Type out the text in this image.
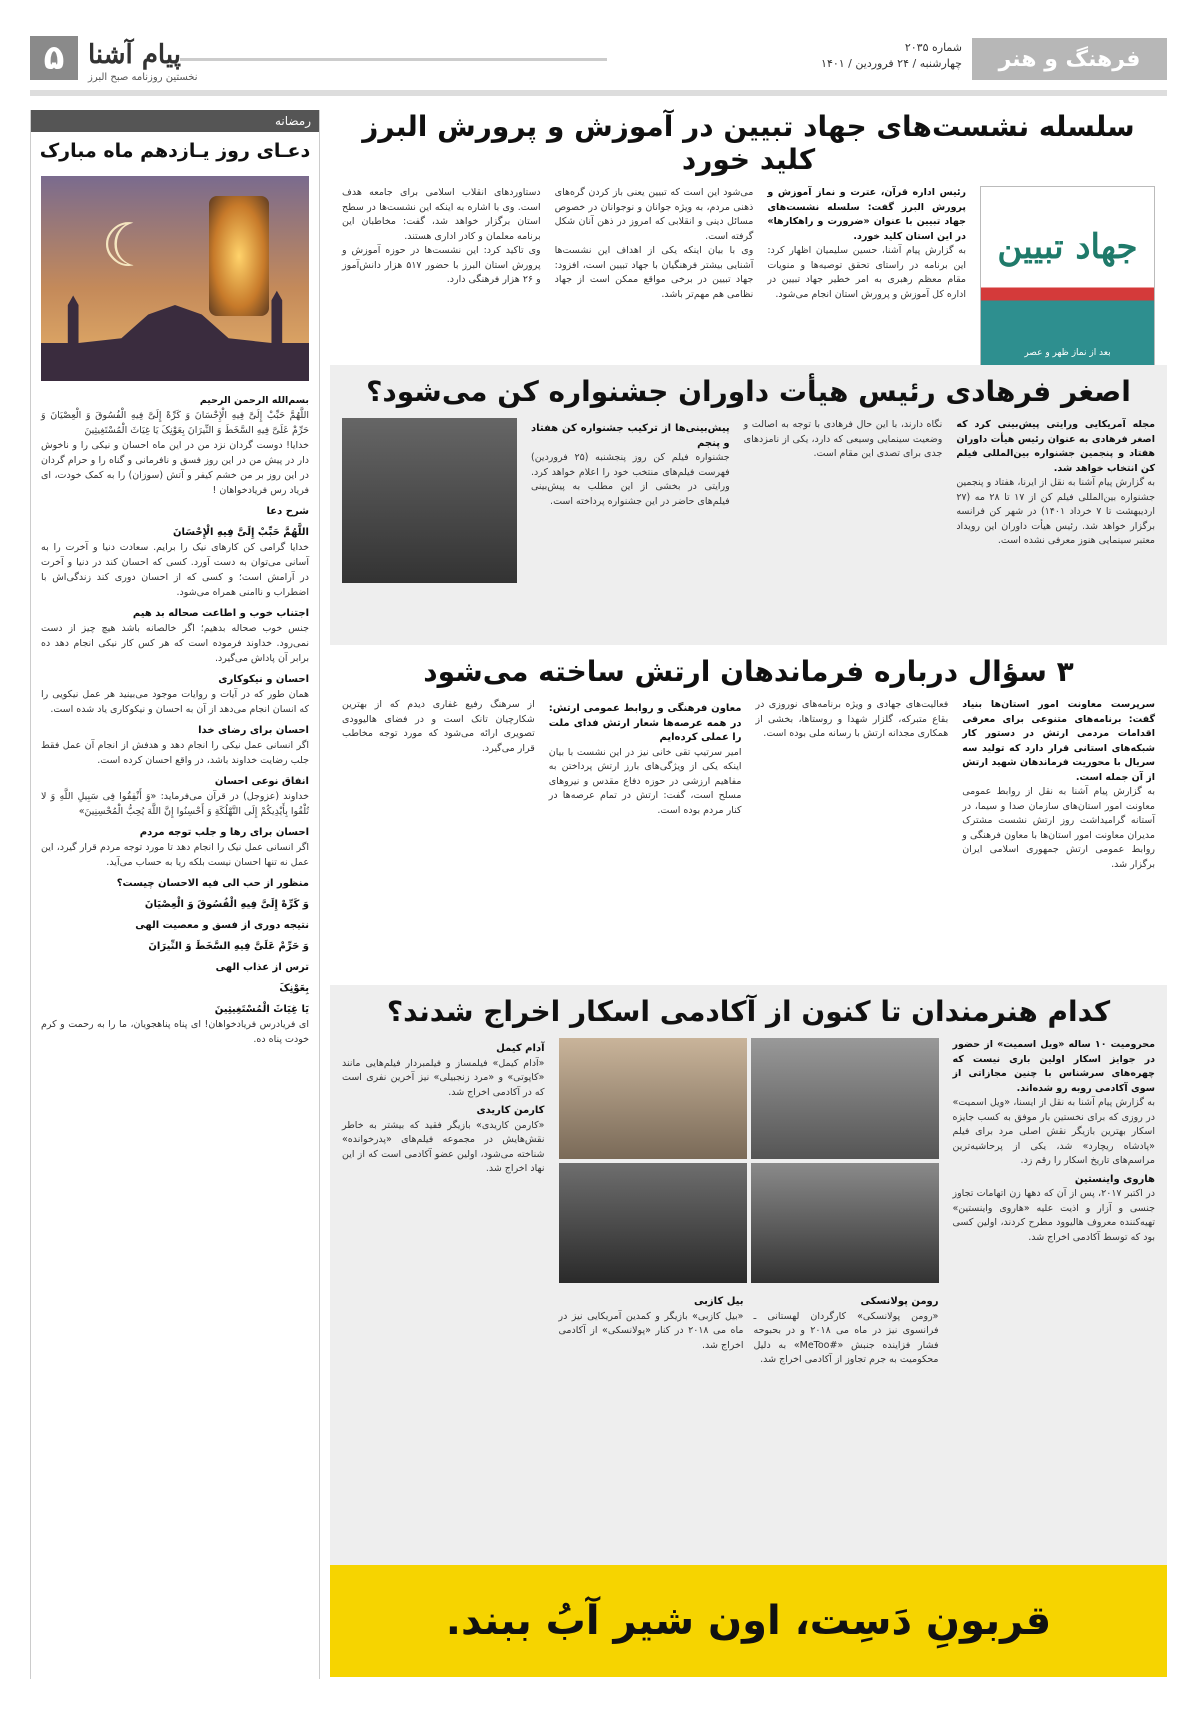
فرهنگ و هنر
شماره ۲۰۳۵
چهارشنبه / ۲۴ فروردین / ۱۴۰۱
پیام آشنا
نخستین روزنامه صبح البرز
۵
رمضانه
دعـای روز یـازدهم ماه مبارک
☾

بسم‌الله الرحمن الرحیم

اللَّهُمَّ حَبِّبْ إِلَیَّ فِیهِ الْإِحْسَانَ وَ کَرِّهْ إِلَیَّ فِیهِ الْفُسُوقَ وَ الْعِصْیَانَ وَ حَرِّمْ عَلَیَّ فِیهِ السَّخَطَ وَ النِّیرَانَ بِعَوْنِکَ یَا غِیَاثَ الْمُسْتَغِیثِینَ

خدایا! دوست گردان نزد من در این ماه احسان و نیکی را و ناخوش دار در پیش من در این روز فسق و نافرمانی و گناه را و حرام گردان در این روز بر من خشم کیفر و آتش (سوزان) را به کمک خودت، ای فریاد رس فریادخواهان !

شرح دعا
اللَّهُمَّ حَبِّبْ إِلَیَّ فِیهِ الْإِحْسَانَ

خدایا گرامی کن کارهای نیک را برایم. سعادت دنیا و آخرت را به آسانی می‌توان به دست آورد. کسی که احسان کند در دنیا و آخرت در آرامش است؛ و کسی که از احسان دوری کند زندگی‌اش با اضطراب و ناامنی همراه می‌شود.

اجتناب خوب و اطاعت صحاله بد هیم

جنس خوب صحاله بدهیم؛ اگر خالصانه باشد هیچ چیز از دست نمی‌رود. خداوند فرموده است که هر کس کار نیکی انجام دهد ده برابر آن پاداش می‌گیرد.

احسان و نیکوکاری

همان طور که در آیات و روایات موجود می‌بینید هر عمل نیکویی را که انسان انجام می‌دهد از آن به احسان و نیکوکاری یاد شده است.

احسان برای رضای خدا

اگر انسانی عمل نیکی را انجام دهد و هدفش از انجام آن عمل فقط جلب رضایت خداوند باشد، در واقع احسان کرده است.

انفاق نوعی احسان

خداوند (عزوجل) در قرآن می‌فرماید: «وَ أَنْفِقُوا فِی سَبِیلِ اللَّهِ وَ لا تُلْقُوا بِأَیْدِیکُمْ إِلَی التَّهْلُکَةِ وَ أَحْسِنُوا إِنَّ اللَّهَ یُحِبُّ الْمُحْسِنِینَ»

احسان برای رها و جلب توجه مردم

اگر انسانی عمل نیک را انجام دهد تا مورد توجه مردم قرار گیرد، این عمل نه تنها احسان نیست بلکه ریا به حساب می‌آید.

منظور از حب الی فیه الاحسان چیست؟
وَ کَرِّهْ إِلَیَّ فِیهِ الْفُسُوقَ وَ الْعِصْیَانَ
نتیجه دوری از فسق و معصیت الهی
وَ حَرِّمْ عَلَیَّ فِیهِ السَّخَطَ وَ النِّیرَانَ
ترس از عذاب الهی
بِعَوْنِکَ
یَا غِیَاثَ الْمُسْتَغِیثِینَ

ای فریادرس فریادخواهان! ای پناه پناهجویان، ما را به رحمت و کرم خودت پناه ده.

سلسله نشست‌های جهاد تبیین در آموزش و پرورش البرز کلید خورد
جهاد تبیین
بعد از نماز ظهر و عصر

رئیس اداره قرآن، عترت و نماز آموزش و پرورش البرز گفت: سلسله نشست‌های جهاد تبیین با عنوان «ضرورت و راهکارها» در این استان کلید خورد.

به گزارش پیام آشنا، حسین سلیمیان اظهار کرد: این برنامه در راستای تحقق توصیه‌ها و منویات مقام معظم رهبری به امر خطیر جهاد تبیین در اداره کل آموزش و پرورش استان انجام می‌شود.

می‌شود این است که تبیین یعنی باز کردن گره‌های ذهنی مردم، به ویژه جوانان و نوجوانان در خصوص مسائل دینی و انقلابی که امروز در ذهن آنان شکل گرفته است.

وی با بیان اینکه یکی از اهداف این نشست‌ها آشنایی بیشتر فرهنگیان با جهاد تبیین است، افزود: جهاد تبیین در برخی مواقع ممکن است از جهاد نظامی هم مهم‌تر باشد.

دستاوردهای انقلاب اسلامی برای جامعه هدف است. وی با اشاره به اینکه این نشست‌ها در سطح استان برگزار خواهد شد، گفت: مخاطبان این برنامه معلمان و کادر اداری هستند.

وی تاکید کرد: این نشست‌ها در حوزه آموزش و پرورش استان البرز با حضور ۵۱۷ هزار دانش‌آموز و ۲۶ هزار فرهنگی دارد.

اصغر فرهادی رئیس هیأت داوران جشنواره کن می‌شود؟

مجله آمریکایی ورایتی پیش‌بینی کرد که اصغر فرهادی به عنوان رئیس هیأت داوران هفتاد و پنجمین جشنواره بین‌المللی فیلم کن انتخاب خواهد شد.

به گزارش پیام آشنا به نقل از ایرنا، هفتاد و پنجمین جشنواره بین‌المللی فیلم کن از ۱۷ تا ۲۸ مه (۲۷ اردیبهشت تا ۷ خرداد ۱۴۰۱) در شهر کن فرانسه برگزار خواهد شد. رئیس هیأت داوران این رویداد معتبر سینمایی هنوز معرفی نشده است.

نگاه دارند، با این حال فرهادی با توجه به اصالت و وضعیت سینمایی وسیعی که دارد، یکی از نامزدهای جدی برای تصدی این مقام است.

پیش‌بینی‌ها از ترکیب جشنواره کن هفتاد و پنجم

جشنواره فیلم کن روز پنجشنبه (۲۵ فروردین) فهرست فیلم‌های منتخب خود را اعلام خواهد کرد. ورایتی در بخشی از این مطلب به پیش‌بینی فیلم‌های حاضر در این جشنواره پرداخته است.

۳ سؤال درباره فرماندهان ارتش ساخته می‌شود

سرپرست معاونت امور استان‌ها بنیاد گفت: برنامه‌های متنوعی برای معرفی اقدامات مردمی ارتش در دستور کار شبکه‌های استانی قرار دارد که تولید سه سریال با محوریت فرماندهان شهید ارتش از آن جمله است.

به گزارش پیام آشنا به نقل از روابط عمومی معاونت امور استان‌های سازمان صدا و سیما، در آستانه گرامیداشت روز ارتش نشست مشترک مدیران معاونت امور استان‌ها با معاون فرهنگی و روابط عمومی ارتش جمهوری اسلامی ایران برگزار شد.

فعالیت‌های جهادی و ویژه برنامه‌های نوروزی در بقاع متبرکه، گلزار شهدا و روستاها، بخشی از همکاری مجدانه ارتش با رسانه ملی بوده است.

معاون فرهنگی و روابط عمومی ارتش: در همه عرصه‌ها شعار ارتش فدای ملت را عملی کرده‌ایم

امیر سرتیپ تقی خانی نیز در این نشست با بیان اینکه یکی از ویژگی‌های بارز ارتش پرداختن به مفاهیم ارزشی در حوزه دفاع مقدس و نیروهای مسلح است، گفت: ارتش در تمام عرصه‌ها در کنار مردم بوده است.

از سرهنگ رفیع غفاری دیدم که از بهترین شکارچیان تانک است و در فضای هالیوودی تصویری ارائه می‌شود که مورد توجه مخاطب قرار می‌گیرد.

کدام هنرمندان تا کنون از آکادمی اسکار اخراج شدند؟

محرومیت ۱۰ ساله «ویل اسمیت» از حضور در جوایز اسکار اولین باری نیست که چهره‌های سرشناس با چنین مجازاتی از سوی آکادمی روبه رو شده‌اند.

به گزارش پیام آشنا به نقل از ایسنا، «ویل اسمیت» در روزی که برای نخستین بار موفق به کسب جایزه اسکار بهترین بازیگر نقش اصلی مرد برای فیلم «پادشاه ریچارد» شد، یکی از پرحاشیه‌ترین مراسم‌های تاریخ اسکار را رقم زد.

هاروی واینستین

در اکتبر ۲۰۱۷، پس از آن که دهها زن اتهامات تجاوز جنسی و آزار و اذیت علیه «هاروی واینستین» تهیه‌کننده معروف هالیوود مطرح کردند، اولین کسی بود که توسط آکادمی اخراج شد.

رومن پولانسکی

«رومن پولانسکی» کارگردان لهستانی ـ فرانسوی نیز در ماه می ۲۰۱۸ و در بحبوحه فشار فزاینده جنبش «#MeToo» به دلیل محکومیت به جرم تجاوز از آکادمی اخراج شد.

بیل کازبی

«بیل کازبی» بازیگر و کمدین آمریکایی نیز در ماه می ۲۰۱۸ در کنار «پولانسکی» از آکادمی اخراج شد.

آدام کیمل

«آدام کیمل» فیلمساز و فیلمبردار فیلم‌هایی مانند «کاپوتی» و «مرد زنجبیلی» نیز آخرین نفری است که در آکادمی اخراج شد.

کارمن کاریدی

«کارمن کاریدی» بازیگر فقید که بیشتر به خاطر نقش‌هایش در مجموعه فیلم‌های «پدرخوانده» شناخته می‌شود، اولین عضو آکادمی است که از این نهاد اخراج شد.

قربونِ دَسِت، اون شیر آبُ ببند.
